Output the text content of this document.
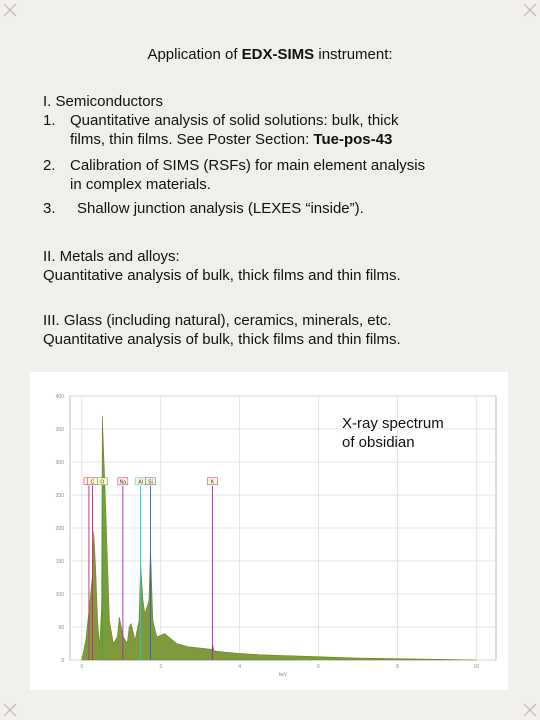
Application of EDX-SIMS instrument:
I. Semiconductors
1. Quantitative analysis of solid solutions: bulk, thick
films, thin films. See Poster Section: Tue-pos-43
2. Calibration of SIMS (RSFs) for main element analysis
in complex materials.
3. Shallow junction analysis (LEXES “inside”).
II. Metals and alloys:
Quantitative analysis of bulk, thick films and thin films.
III. Glass (including natural), ceramics, minerals, etc.
Quantitative analysis of bulk, thick films and thin films.
0
50
100
150
200
250
300
350
400
0	2	4	6	8	10
C O	Na Al Si	K
keV
X-ray spectrum
of obsidian
